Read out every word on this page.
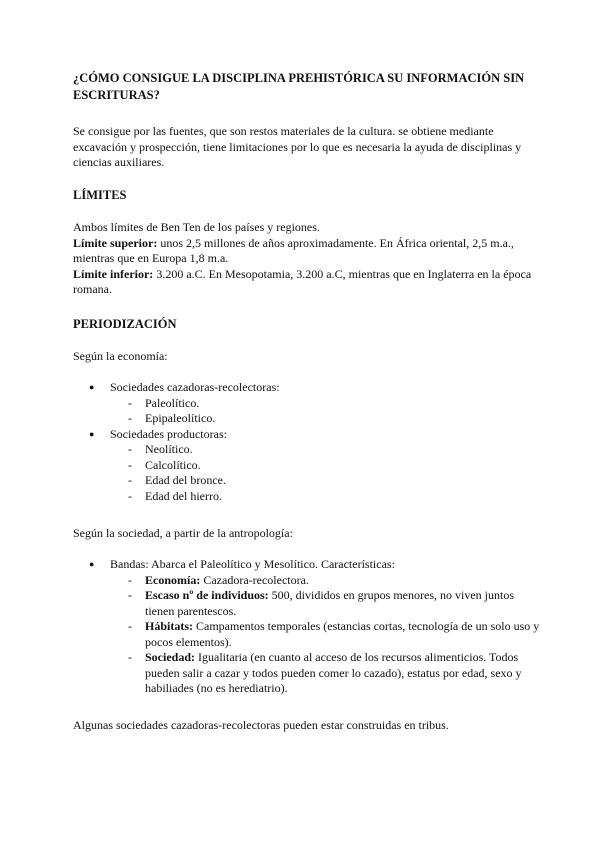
¿CÓMO CONSIGUE LA DISCIPLINA PREHISTÓRICA SU INFORMACIÓN SIN ESCRITURAS?

Se consigue por las fuentes, que son restos materiales de la cultura. se obtiene mediante excavación y prospección, tiene limitaciones por lo que es necesaria la ayuda de disciplinas y ciencias auxiliares.

LÍMITES
Ambos límites de Ben Ten de los países y regiones.
Límite superior: unos 2,5 millones de años aproximadamente. En África oriental, 2,5 m.a., mientras que en Europa 1,8 m.a.
Límite inferior: 3.200 a.C. En Mesopotamia, 3.200 a.C, mientras que en Inglaterra en la época romana.
PERIODIZACIÓN

Según la economía:

● Sociedades cazadoras-recolectoras:
- Paleolítico.
- Epipaleolítico.
● Sociedades productoras:
- Neolítico.
- Calcolítico.
- Edad del bronce.
- Edad del hierro.

Según la sociedad, a partir de la antropología:

● Bandas: Abarca el Paleolítico y Mesolítico. Características:
- Economía: Cazadora-recolectora.
- Escaso nº de individuos: 500, divididos en grupos menores, no viven juntos tienen parentescos.
- Hábitats: Campamentos temporales (estancias cortas, tecnología de un solo uso y pocos elementos).
- Sociedad: Igualitaria (en cuanto al acceso de los recursos alimenticios. Todos pueden salir a cazar y todos pueden comer lo cazado), estatus por edad, sexo y habiliades (no es herediatrio).

Algunas sociedades cazadoras-recolectoras pueden estar construidas en tribus.
